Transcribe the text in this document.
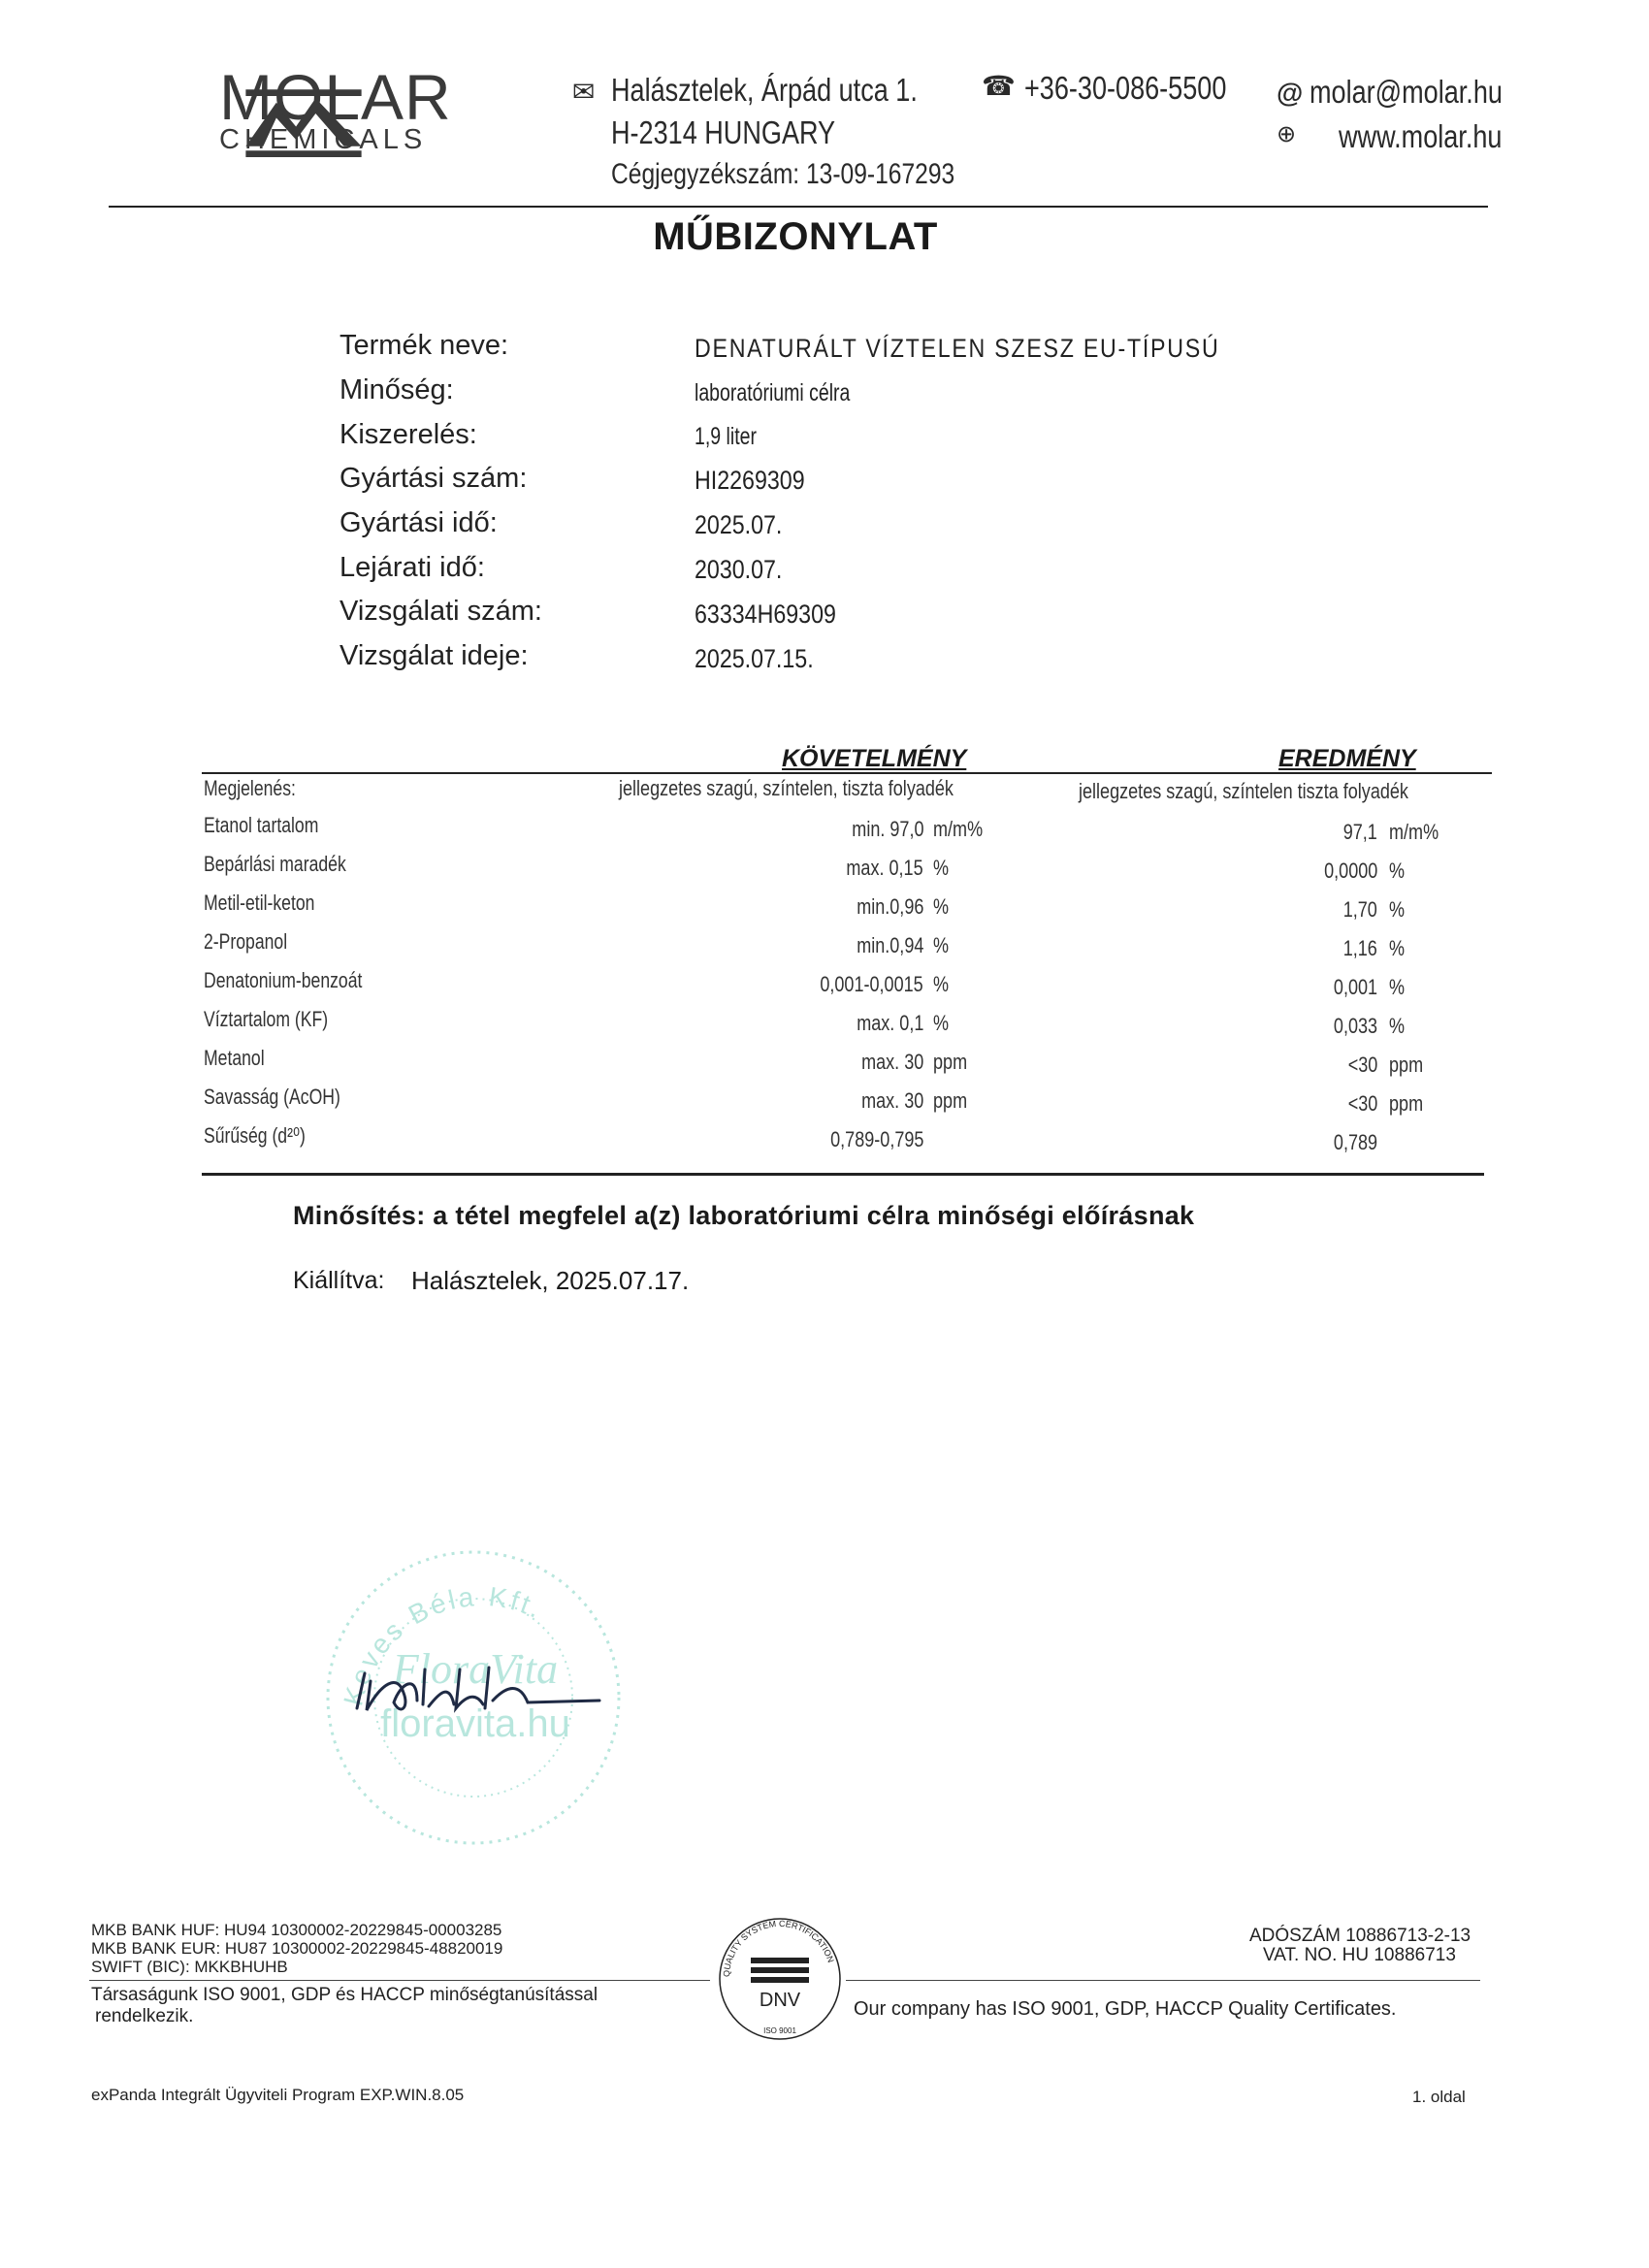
MOLAR
CHEMICALS
✉ Halásztelek, Árpád utca 1.
H-2314 HUNGARY
Cégjegyzékszám: 13-09-167293
☎ +36-30-086-5500 @ molar@molar.hu
⊕ www.molar.hu
MŰBIZONYLAT
Termék neve:	DENATURÁLT VÍZTELEN SZESZ EU-TÍPUSÚ
Minőség:	laboratóriumi célra
Kiszerelés:	1,9 liter
Gyártási szám:	HI2269309
Gyártási idő:	2025.07.
Lejárati idő:	2030.07.
Vizsgálati szám:	63334H69309
Vizsgálat ideje:	2025.07.15.
KÖVETELMÉNY	EREDMÉNY
Megjelenés:	jellegzetes szagú, színtelen, tiszta folyadék	jellegzetes szagú, színtelen tiszta folyadék
Etanol tartalom	min. 97,0 m/m%	97,1 m/m%
Bepárlási maradék	max. 0,15 %	0,0000 %
Metil-etil-keton	min.0,96 %	1,70 %
2-Propanol	min.0,94 %	1,16 %
Denatonium-benzoát	0,001-0,0015 %	0,001 %
Víztartalom (KF)	max. 0,1 %	0,033 %
Metanol	max. 30 ppm	<30 ppm
Savasság (AcOH)	max. 30 ppm	<30 ppm
Sűrűség (d²⁰)	0,789-0,795	0,789
Minősítés: a tétel megfelel a(z) laboratóriumi célra minőségi előírásnak
Kiállítva: Halásztelek, 2025.07.17.
Keves Béla Kft.
FloraVita
floravita.hu
MKB BANK HUF: HU94 10300002-20229845-00003285
MKB BANK EUR: HU87 10300002-20229845-48820019
SWIFT (BIC): MKKBHUHB
Társaságunk ISO 9001, GDP és HACCP minőségtanúsítással
rendelkezik.
QUALITY SYSTEM CERTIFICATION
DNV
ISO 9001
ADÓSZÁM 10886713-2-13
VAT. NO. HU 10886713
Our company has ISO 9001, GDP, HACCP Quality Certificates.
exPanda Integrált Ügyviteli Program EXP.WIN.8.05	1. oldal
